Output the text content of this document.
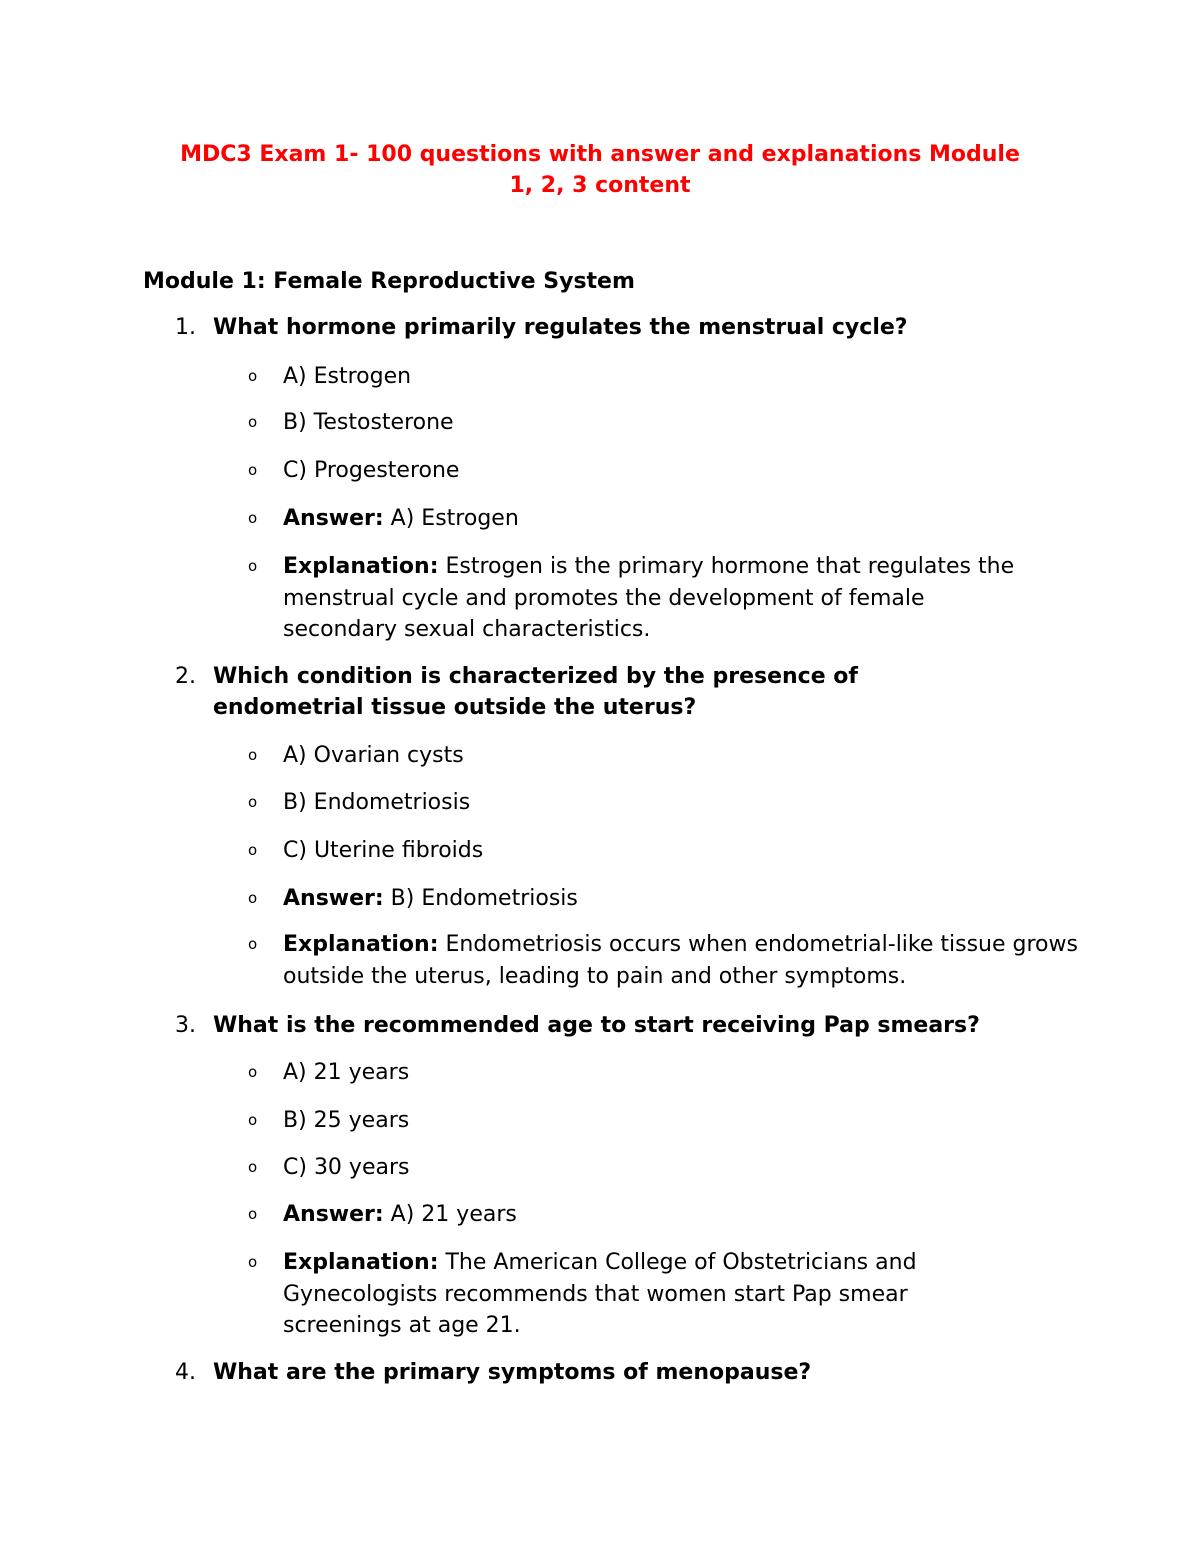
MDC3 Exam 1- 100 questions with answer and explanations Module
1, 2, 3 content
Module 1: Female Reproductive System
1. What hormone primarily regulates the menstrual cycle?
o A) Estrogen
o B) Testosterone
o C) Progesterone
o Answer: A) Estrogen
o Explanation: Estrogen is the primary hormone that regulates the menstrual cycle and promotes the development of female secondary sexual characteristics.
2. Which condition is characterized by the presence of endometrial tissue outside the uterus?
o A) Ovarian cysts
o B) Endometriosis
o C) Uterine fibroids
o Answer: B) Endometriosis
o Explanation: Endometriosis occurs when endometrial-like tissue grows outside the uterus, leading to pain and other symptoms.
3. What is the recommended age to start receiving Pap smears?
o A) 21 years
o B) 25 years
o C) 30 years
o Answer: A) 21 years
o Explanation: The American College of Obstetricians and Gynecologists recommends that women start Pap smear screenings at age 21.
4. What are the primary symptoms of menopause?
